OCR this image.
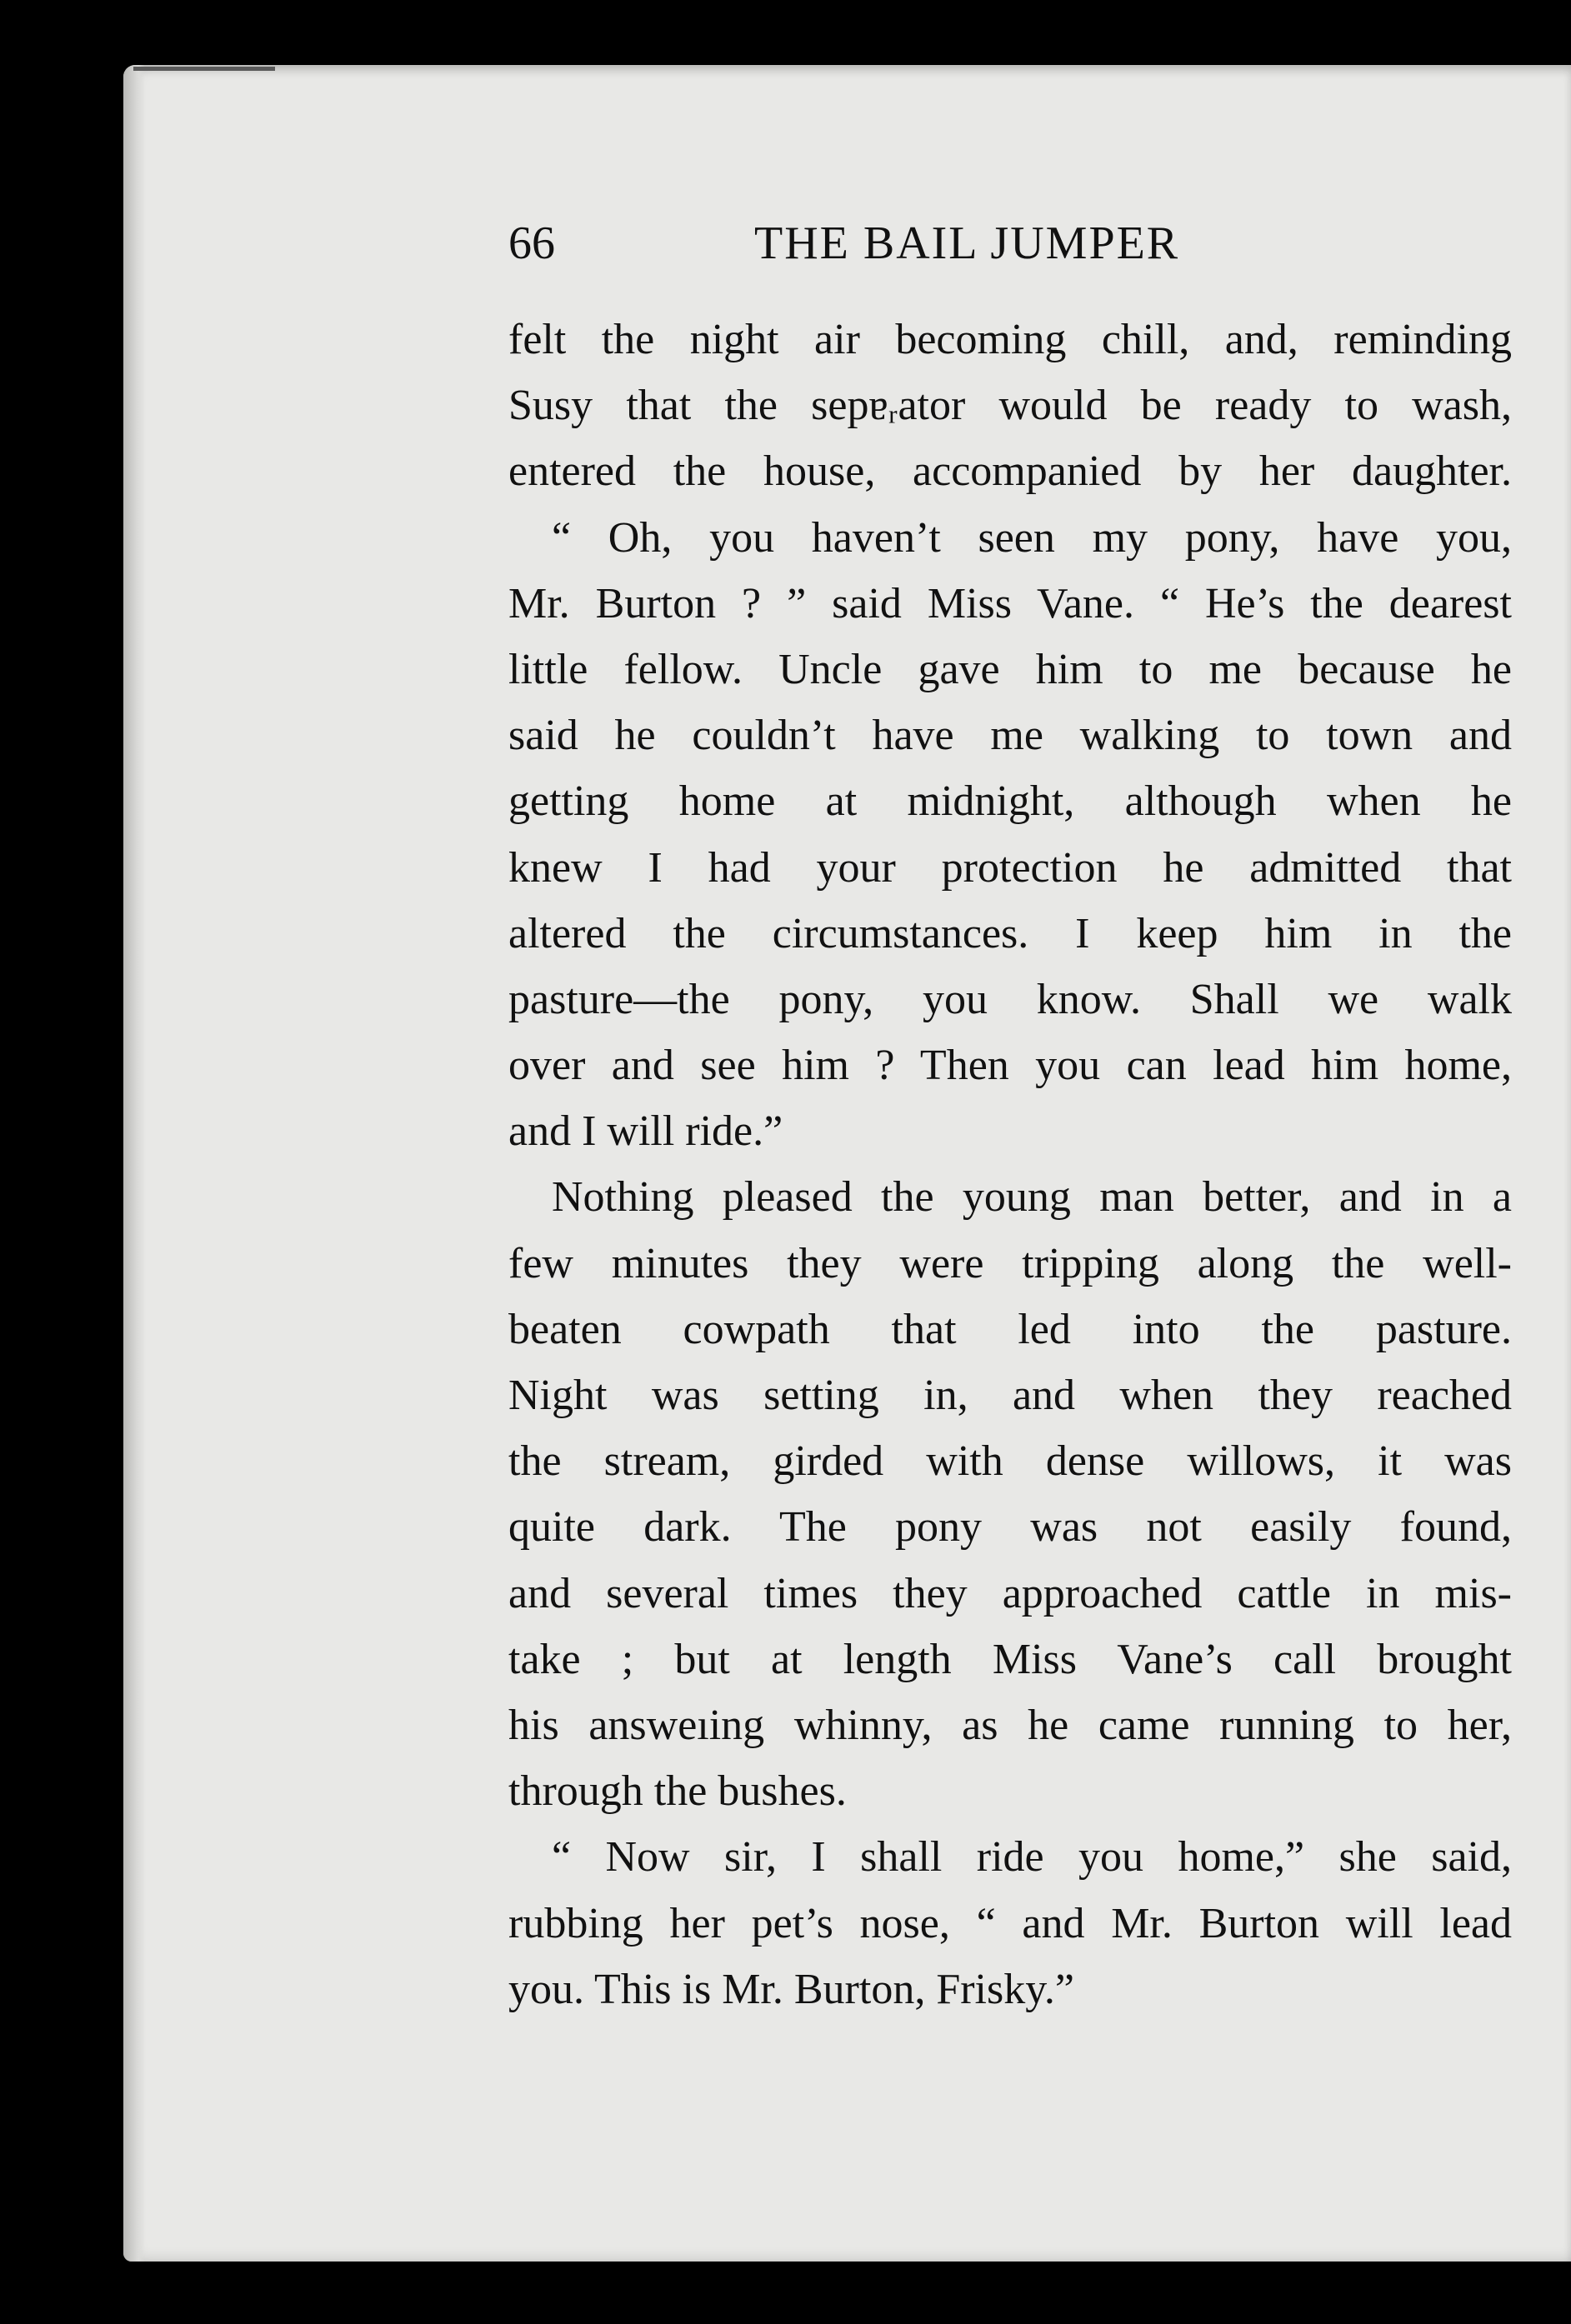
66	THE BAIL JUMPER

felt the night air becoming chill, and, reminding
Susy that the sepɐᵣator would be ready to wash,
entered the house, accompanied by her daughter.

“ Oh, you haven’t seen my pony, have you,
Mr. Burton ? ” said Miss Vane. “ He’s the dearest
little fellow. Uncle gave him to me because he
said he couldn’t have me walking to town and
getting home at midnight, although when he
knew I had your protection he admitted that
altered the circumstances. I keep him in the
pasture—the pony, you know. Shall we walk
over and see him ? Then you can lead him home,
and I will ride.”

Nothing pleased the young man better, and in a
few minutes they were tripping along the well-
beaten cowpath that led into the pasture.
Night was setting in, and when they reached
the stream, girded with dense willows, it was
quite dark. The pony was not easily found,
and several times they approached cattle in mis-
take ; but at length Miss Vane’s call brought
his answeıing whinny, as he came running to her,
through the bushes.

“ Now sir, I shall ride you home,” she said,
rubbing her pet’s nose, “ and Mr. Burton will lead
you. This is Mr. Burton, Frisky.”
